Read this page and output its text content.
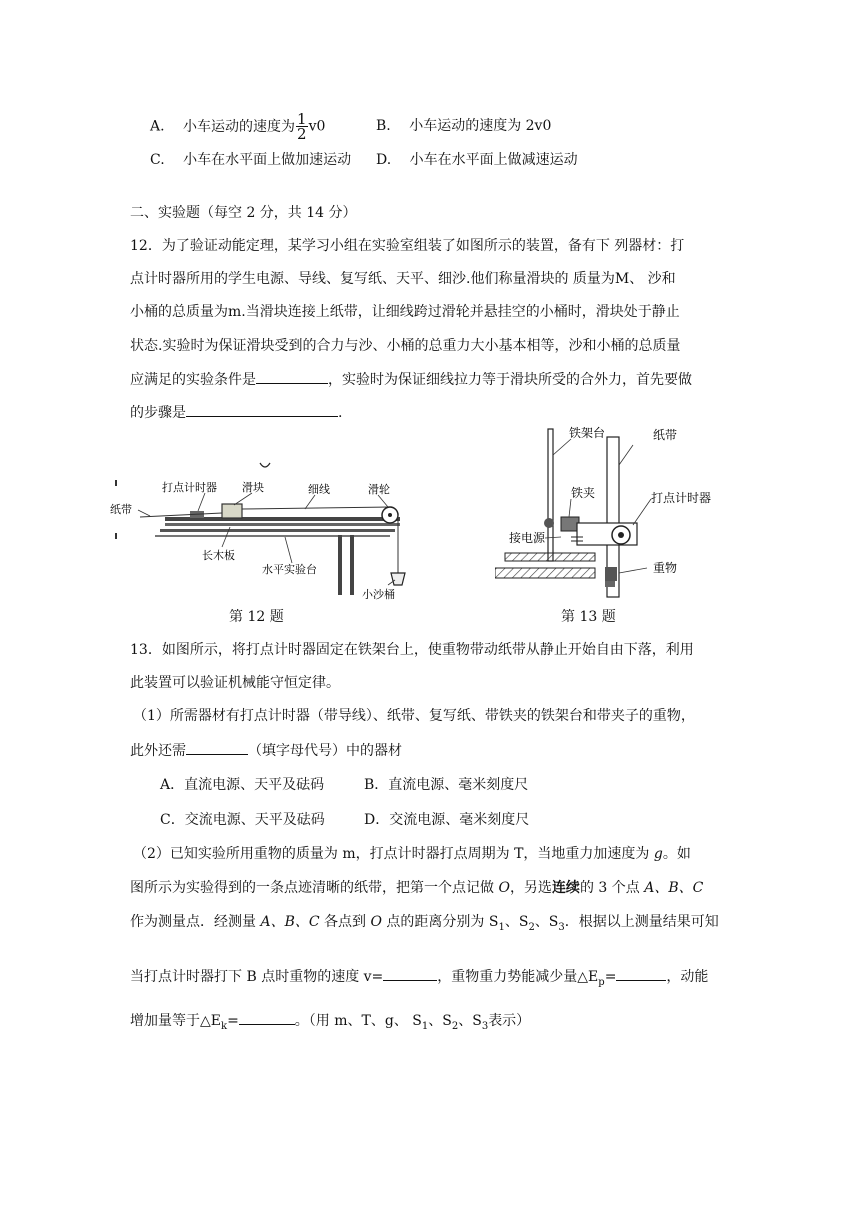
A. 小车运动的速度为 $\frac{1}{2} v0$	B. 小车运动的速度为 2v0
C. 小车在水平面上做加速运动 D. 小车在水平面上做减速运动
二、实验题（每空 2 分，共 14 分）
12．为了验证动能定理，某学习小组在实验室组装了如图所示的装置，备有下 列器材：打
点计时器所用的学生电源、导线、复写纸、天平、细沙.他们称量滑块的 质量为M、 沙和
小桶的总质量为m.当滑块连接上纸带，让细线跨过滑轮并悬挂空的小桶时，滑块处于静止
状态.实验时为保证滑块受到的合力与沙、小桶的总重力大小基本相等，沙和小桶的总质量
应满足的实验条件是	，实验时为保证细线拉力等于滑块所受的合外力，首先要做
的步骤是	.
打点计时器 滑块	细线	滑轮
纸带
长木板
水平实验台
小沙桶
第 12 题
铁架台	纸带
铁夹	打点计时器
接电源
重物
第 13 题
13．如图所示，将打点计时器固定在铁架台上，使重物带动纸带从静止开始自由下落，利用
此装置可以验证机械能守恒定律。
（1）所需器材有打点计时器（带导线）、纸带、复写纸、带铁夹的铁架台和带夹子的重物，
此外还需	（填字母代号）中的器材
A．直流电源、天平及砝码	B．直流电源、毫米刻度尺
C．交流电源、天平及砝码	D．交流电源、毫米刻度尺
（2）已知实验所用重物的质量为 m，打点计时器打点周期为 T，当地重力加速度为 g。如
图所示为实验得到的一条点迹清晰的纸带，把第一个点记做 O，另选连续的 3 个点 A、B、C
作为测量点．经测量 A、B、C 各点到 O 点的距离分别为 $S_1$、$S_2$、$S_3$．根据以上测量结果可知
当打点计时器打下 B 点时重物的速度 v=	，重物重力势能减少量$\triangle E_p=$	，动能
增加量等于$\triangle E_k=$	。（用 m、T、g、 $S_1$、$S_2$、$S_3$表示）
